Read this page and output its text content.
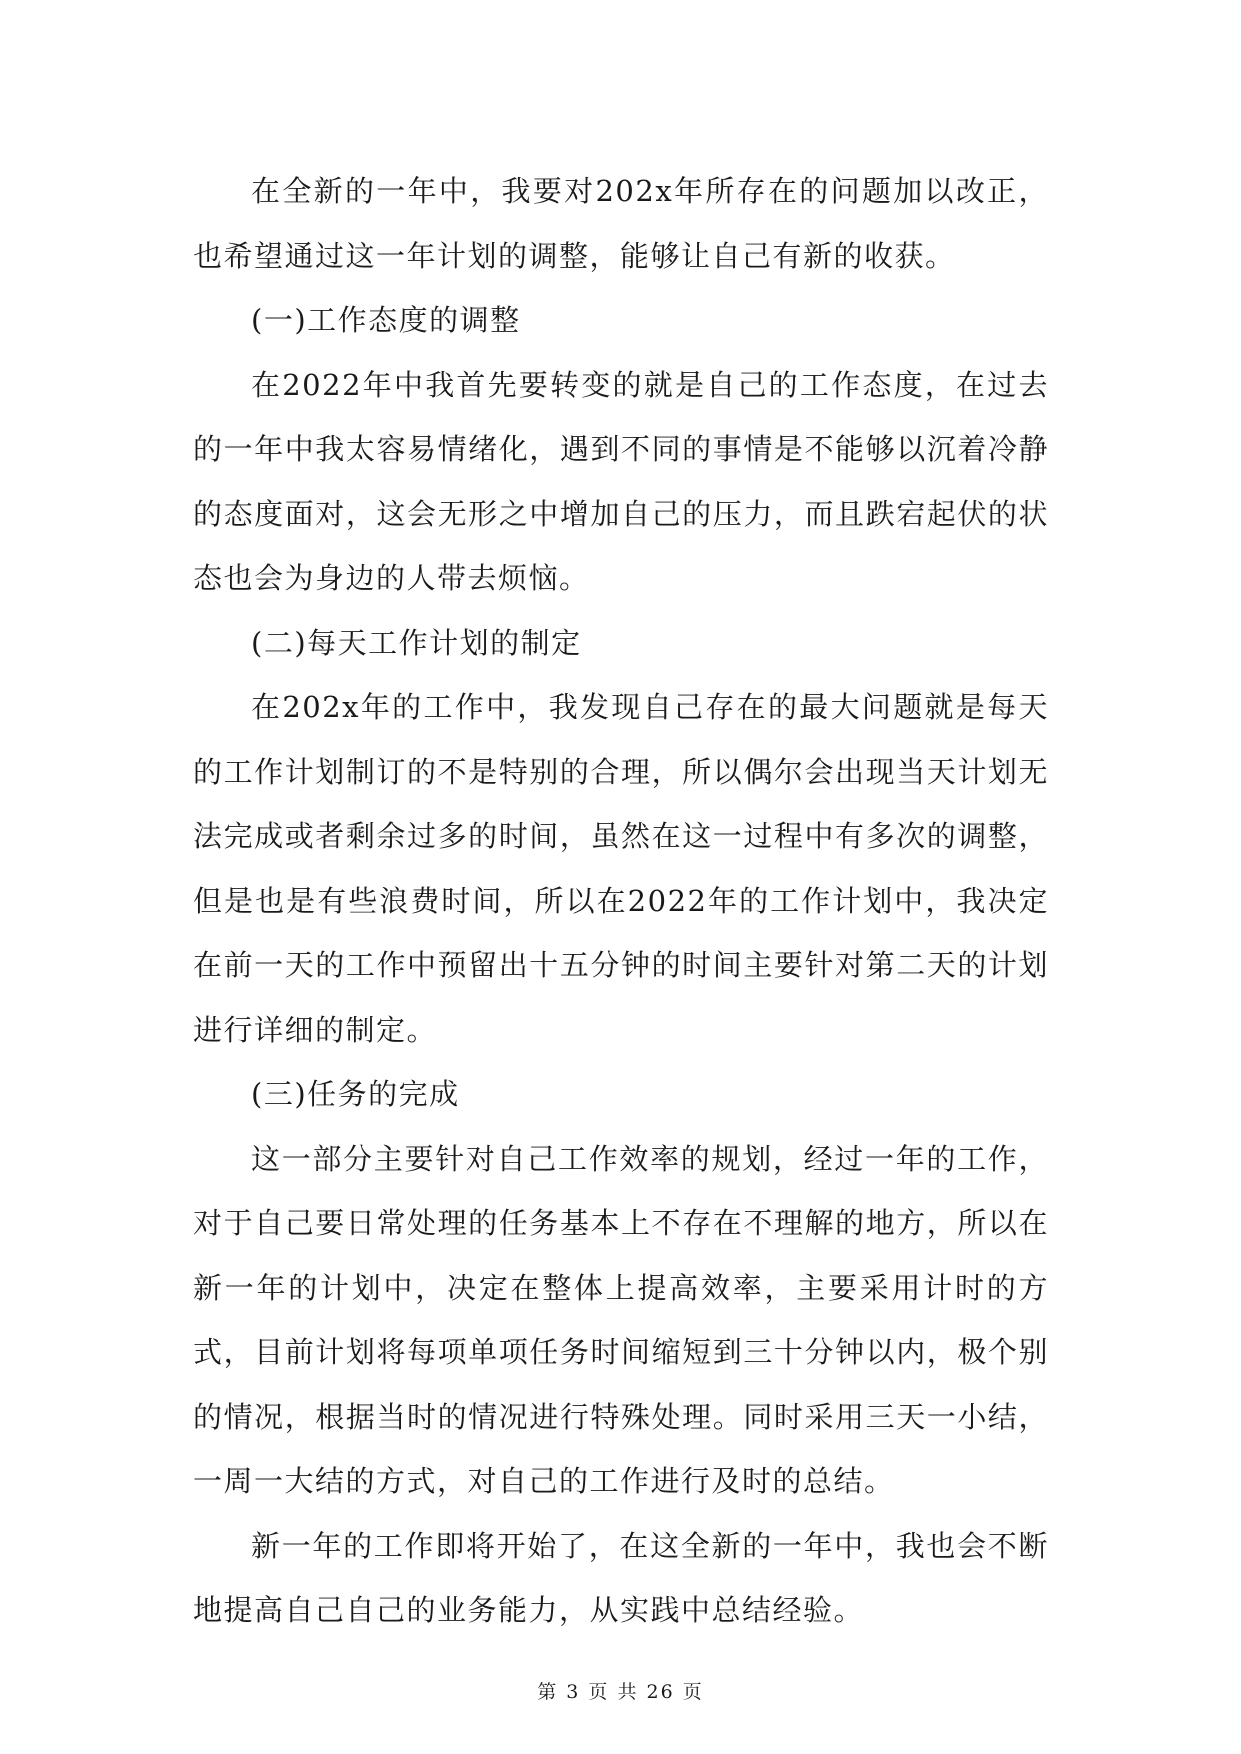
在全新的一年中，我要对202x年所存在的问题加以改正，也希望通过这一年计划的调整，能够让自己有新的收获。

(一)工作态度的调整

在2022年中我首先要转变的就是自己的工作态度，在过去的一年中我太容易情绪化，遇到不同的事情是不能够以沉着冷静的态度面对，这会无形之中增加自己的压力，而且跌宕起伏的状态也会为身边的人带去烦恼。

(二)每天工作计划的制定

在202x年的工作中，我发现自己存在的最大问题就是每天的工作计划制订的不是特别的合理，所以偶尔会出现当天计划无法完成或者剩余过多的时间，虽然在这一过程中有多次的调整，但是也是有些浪费时间，所以在2022年的工作计划中，我决定在前一天的工作中预留出十五分钟的时间主要针对第二天的计划进行详细的制定。

(三)任务的完成

这一部分主要针对自己工作效率的规划，经过一年的工作，对于自己要日常处理的任务基本上不存在不理解的地方，所以在新一年的计划中，决定在整体上提高效率，主要采用计时的方式，目前计划将每项单项任务时间缩短到三十分钟以内，极个别的情况，根据当时的情况进行特殊处理。同时采用三天一小结，一周一大结的方式，对自己的工作进行及时的总结。

新一年的工作即将开始了，在这全新的一年中，我也会不断地提高自己自己的业务能力，从实践中总结经验。

第 3 页 共 26 页
